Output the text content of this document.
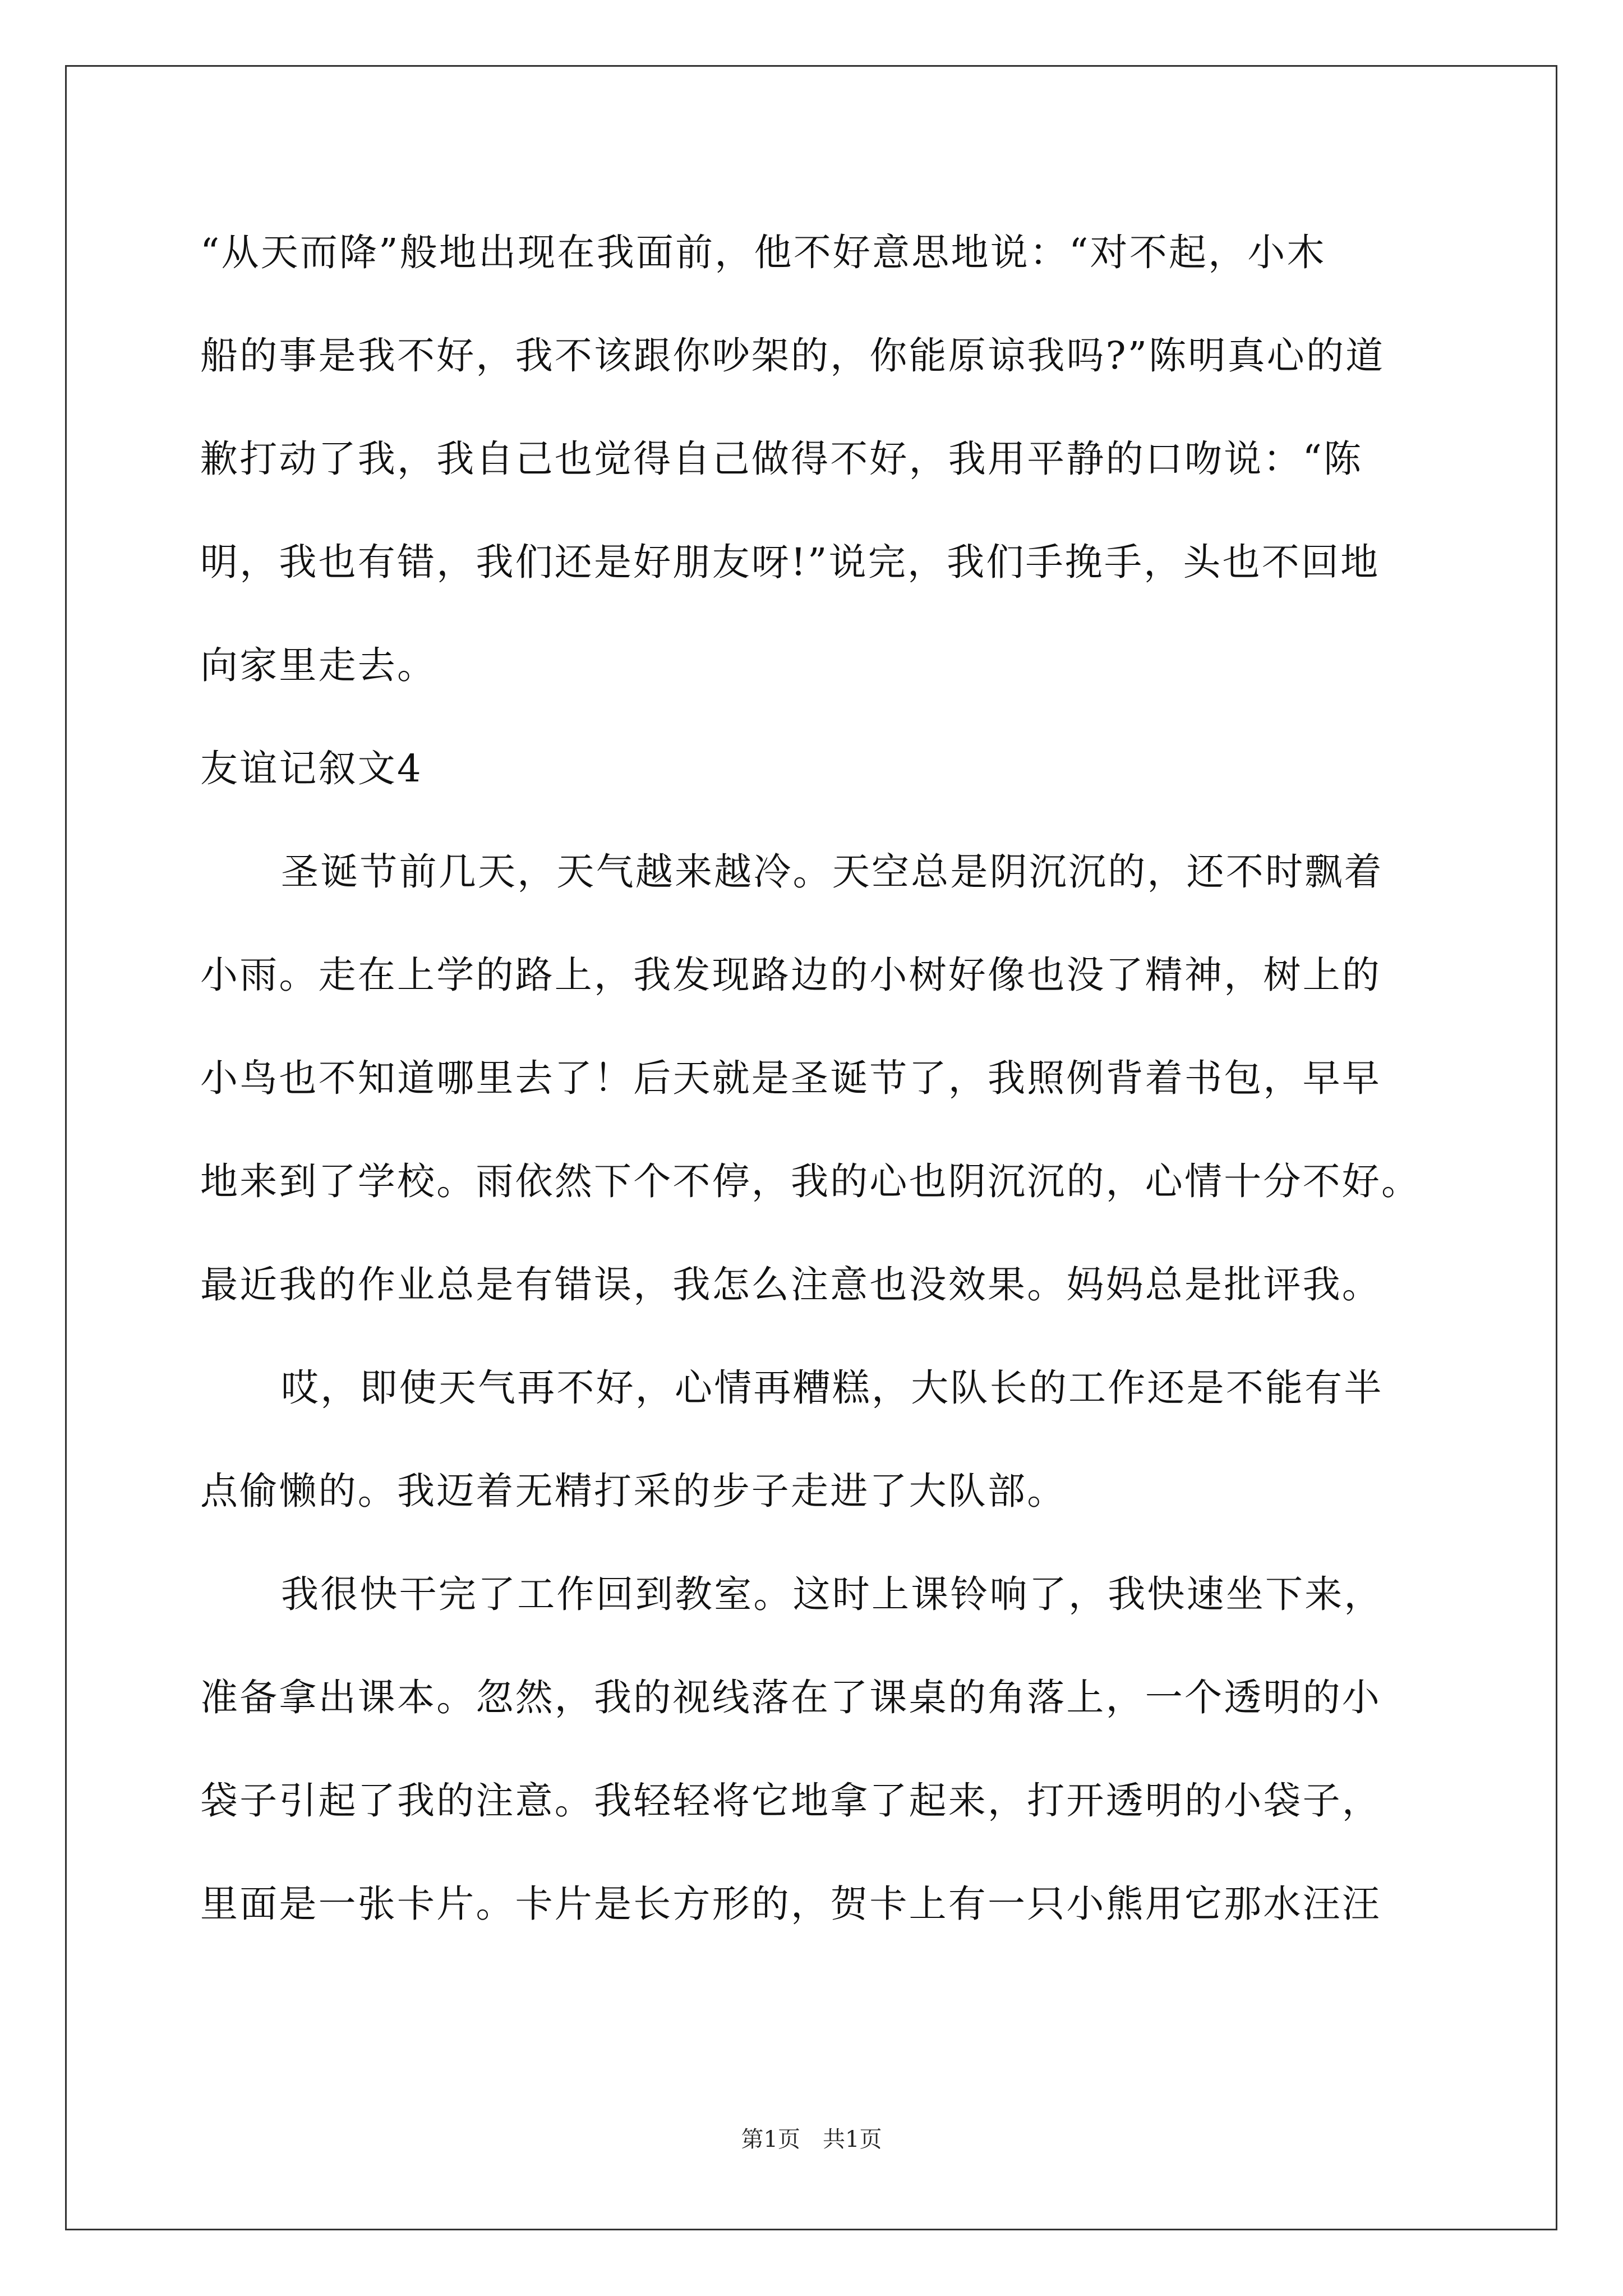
“从天而降”般地出现在我面前，他不好意思地说：“对不起，小木
船的事是我不好，我不该跟你吵架的，你能原谅我吗?”陈明真心的道
歉打动了我，我自己也觉得自己做得不好，我用平静的口吻说：“陈
明，我也有错，我们还是好朋友呀!”说完，我们手挽手，头也不回地
向家里走去。
友谊记叙文4
圣诞节前几天，天气越来越冷。天空总是阴沉沉的，还不时飘着
小雨。走在上学的路上，我发现路边的小树好像也没了精神，树上的
小鸟也不知道哪里去了！后天就是圣诞节了，我照例背着书包，早早
地来到了学校。雨依然下个不停，我的心也阴沉沉的，心情十分不好。
最近我的作业总是有错误，我怎么注意也没效果。妈妈总是批评我。
哎，即使天气再不好，心情再糟糕，大队长的工作还是不能有半
点偷懒的。我迈着无精打采的步子走进了大队部。
我很快干完了工作回到教室。这时上课铃响了，我快速坐下来，
准备拿出课本。忽然，我的视线落在了课桌的角落上，一个透明的小
袋子引起了我的注意。我轻轻将它地拿了起来，打开透明的小袋子，
里面是一张卡片。卡片是长方形的，贺卡上有一只小熊用它那水汪汪
第1页　共1页
